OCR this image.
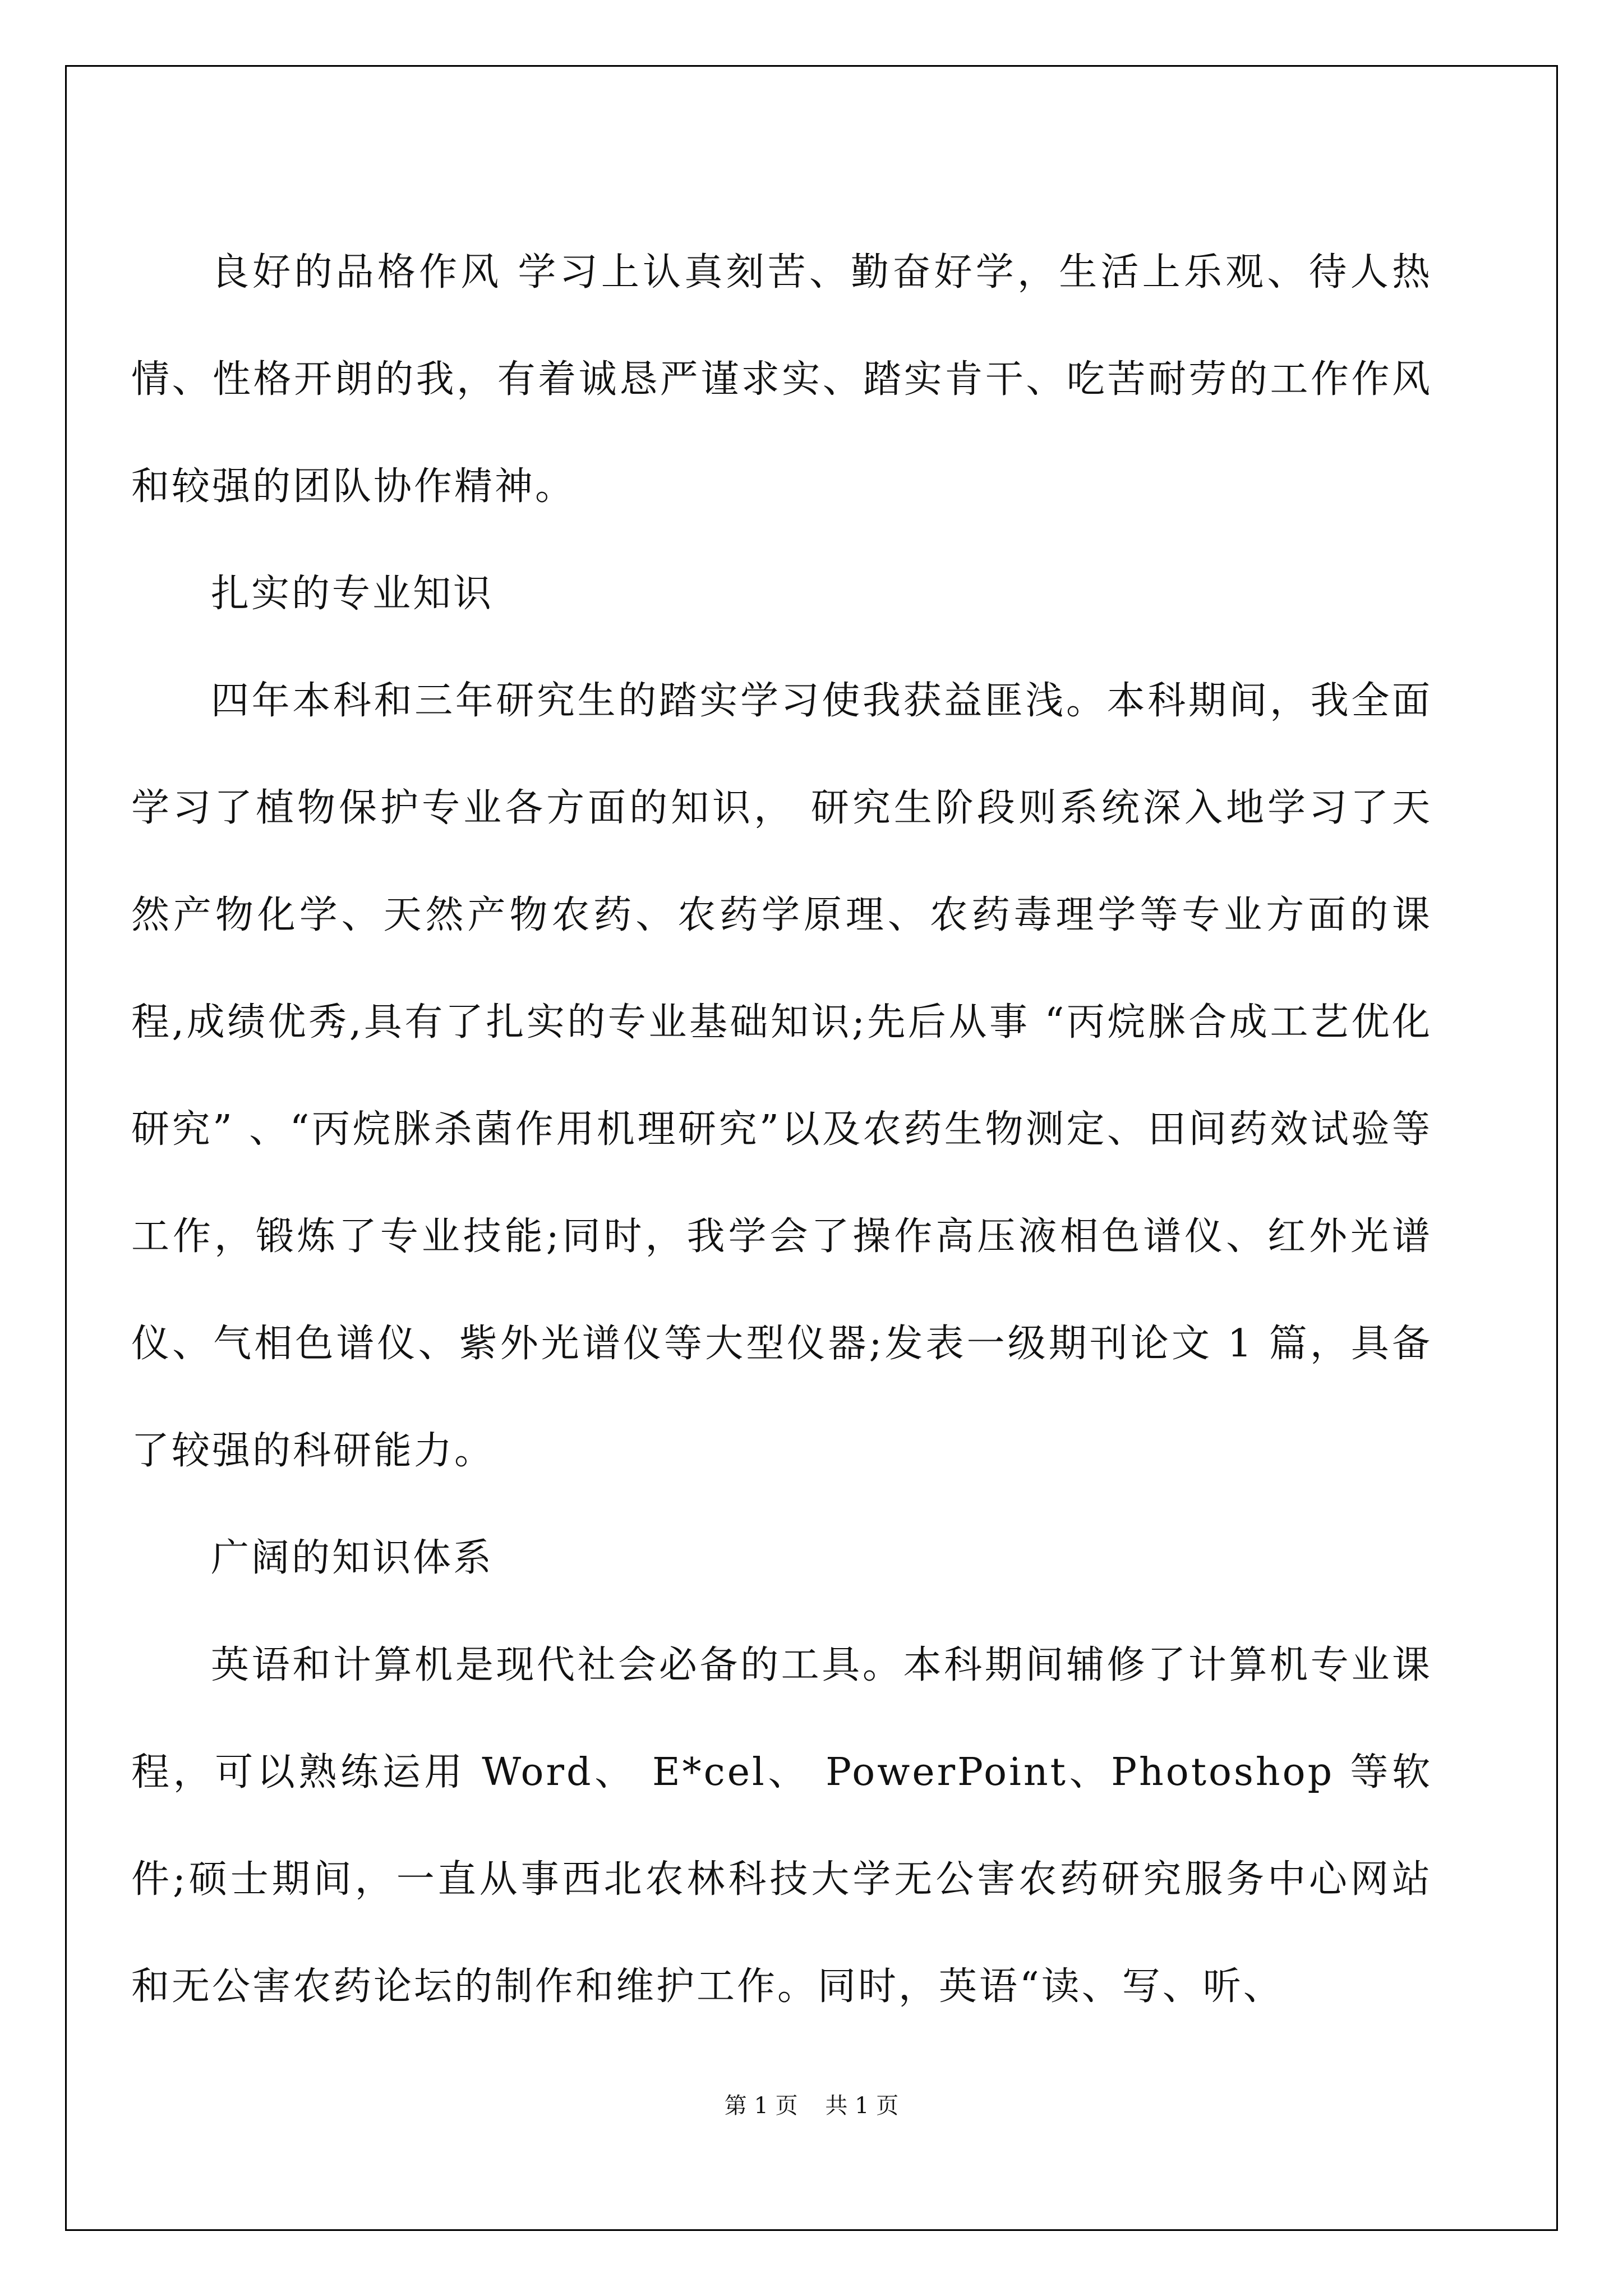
良好的品格作风 学习上认真刻苦、勤奋好学，生活上乐观、待人热情、性格开朗的我，有着诚恳严谨求实、踏实肯干、吃苦耐劳的工作作风和较强的团队协作精神。

扎实的专业知识

四年本科和三年研究生的踏实学习使我获益匪浅。本科期间，我全面学习了植物保护专业各方面的知识， 研究生阶段则系统深入地学习了天然产物化学、天然产物农药、农药学原理、农药毒理学等专业方面的课程,成绩优秀,具有了扎实的专业基础知识;先后从事 “丙烷脒合成工艺优化研究” 、“丙烷脒杀菌作用机理研究”以及农药生物测定、田间药效试验等工作，锻炼了专业技能;同时，我学会了操作高压液相色谱仪、红外光谱仪、气相色谱仪、紫外光谱仪等大型仪器;发表一级期刊论文 1 篇，具备了较强的科研能力。

广阔的知识体系

英语和计算机是现代社会必备的工具。本科期间辅修了计算机专业课程，可以熟练运用 Word、 E*cel、 PowerPoint、Photoshop 等软件;硕士期间，一直从事西北农林科技大学无公害农药研究服务中心网站和无公害农药论坛的制作和维护工作。同时，英语“读、写、听、

第 1 页 共 1 页
